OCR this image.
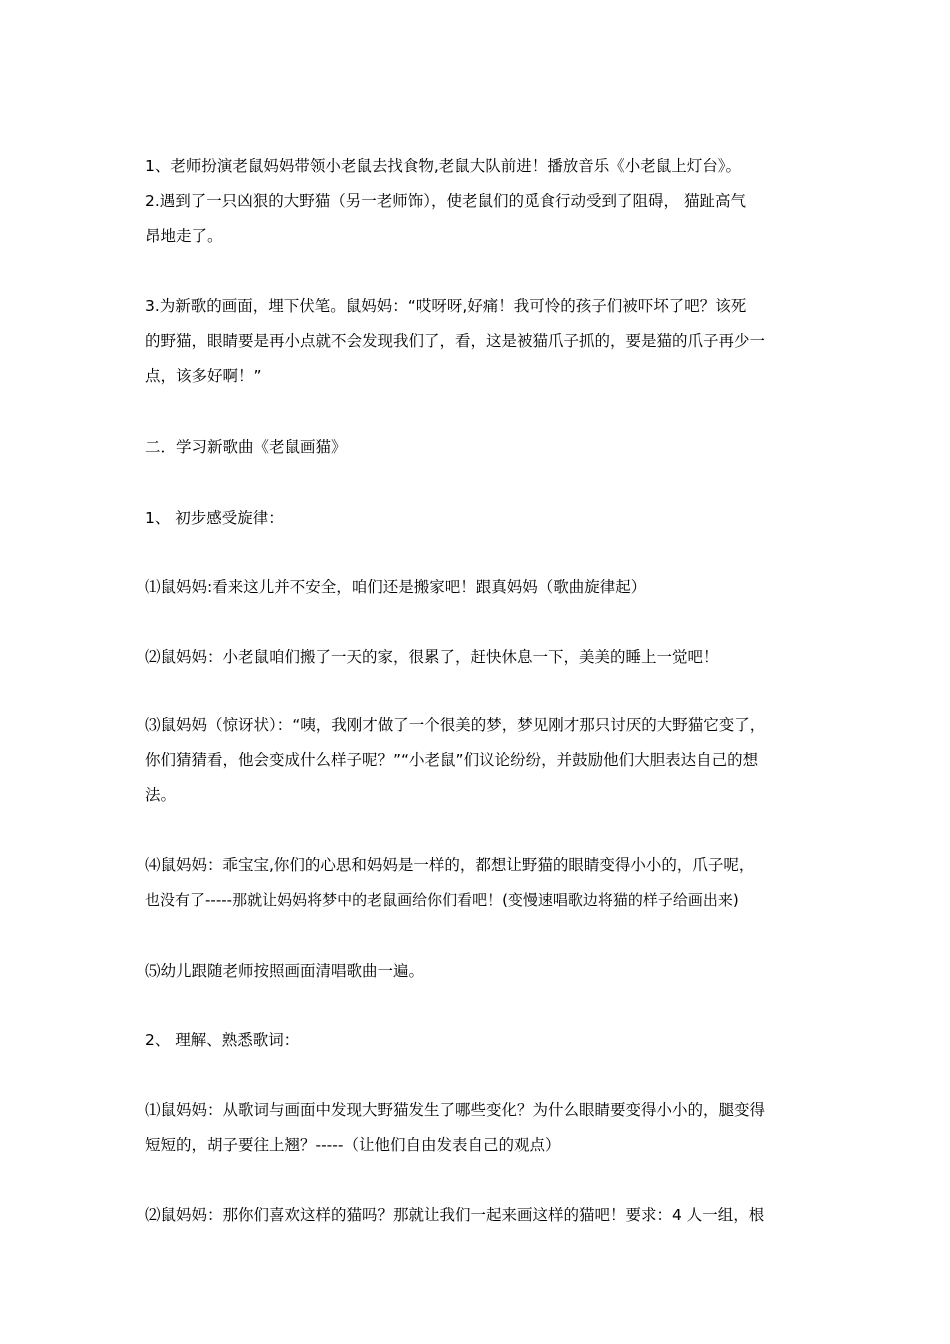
1、老师扮演老鼠妈妈带领小老鼠去找食物,老鼠大队前进！播放音乐《小老鼠上灯台》。
2.遇到了一只凶狠的大野猫（另一老师饰），使老鼠们的觅食行动受到了阻碍， 猫趾高气
昂地走了。
3.为新歌的画面，埋下伏笔。鼠妈妈：“哎呀呀,好痛！我可怜的孩子们被吓坏了吧？该死
的野猫，眼睛要是再小点就不会发现我们了，看，这是被猫爪子抓的，要是猫的爪子再少一
点，该多好啊！”
二．学习新歌曲《老鼠画猫》
1、 初步感受旋律：
⑴鼠妈妈:看来这儿并不安全，咱们还是搬家吧！跟真妈妈（歌曲旋律起）
⑵鼠妈妈：小老鼠咱们搬了一天的家，很累了，赶快休息一下，美美的睡上一觉吧！
⑶鼠妈妈（惊讶状）：“咦，我刚才做了一个很美的梦，梦见刚才那只讨厌的大野猫它变了，
你们猜猜看，他会变成什么样子呢？”“小老鼠”们议论纷纷，并鼓励他们大胆表达自己的想
法。
⑷鼠妈妈：乖宝宝,你们的心思和妈妈是一样的，都想让野猫的眼睛变得小小的，爪子呢，
也没有了-----那就让妈妈将梦中的老鼠画给你们看吧！(变慢速唱歌边将猫的样子给画出来)
⑸幼儿跟随老师按照画面清唱歌曲一遍。
2、 理解、熟悉歌词：
⑴鼠妈妈：从歌词与画面中发现大野猫发生了哪些变化？为什么眼睛要变得小小的，腿变得
短短的，胡子要往上翘？-----（让他们自由发表自己的观点）
⑵鼠妈妈：那你们喜欢这样的猫吗？那就让我们一起来画这样的猫吧！要求：4 人一组，根
